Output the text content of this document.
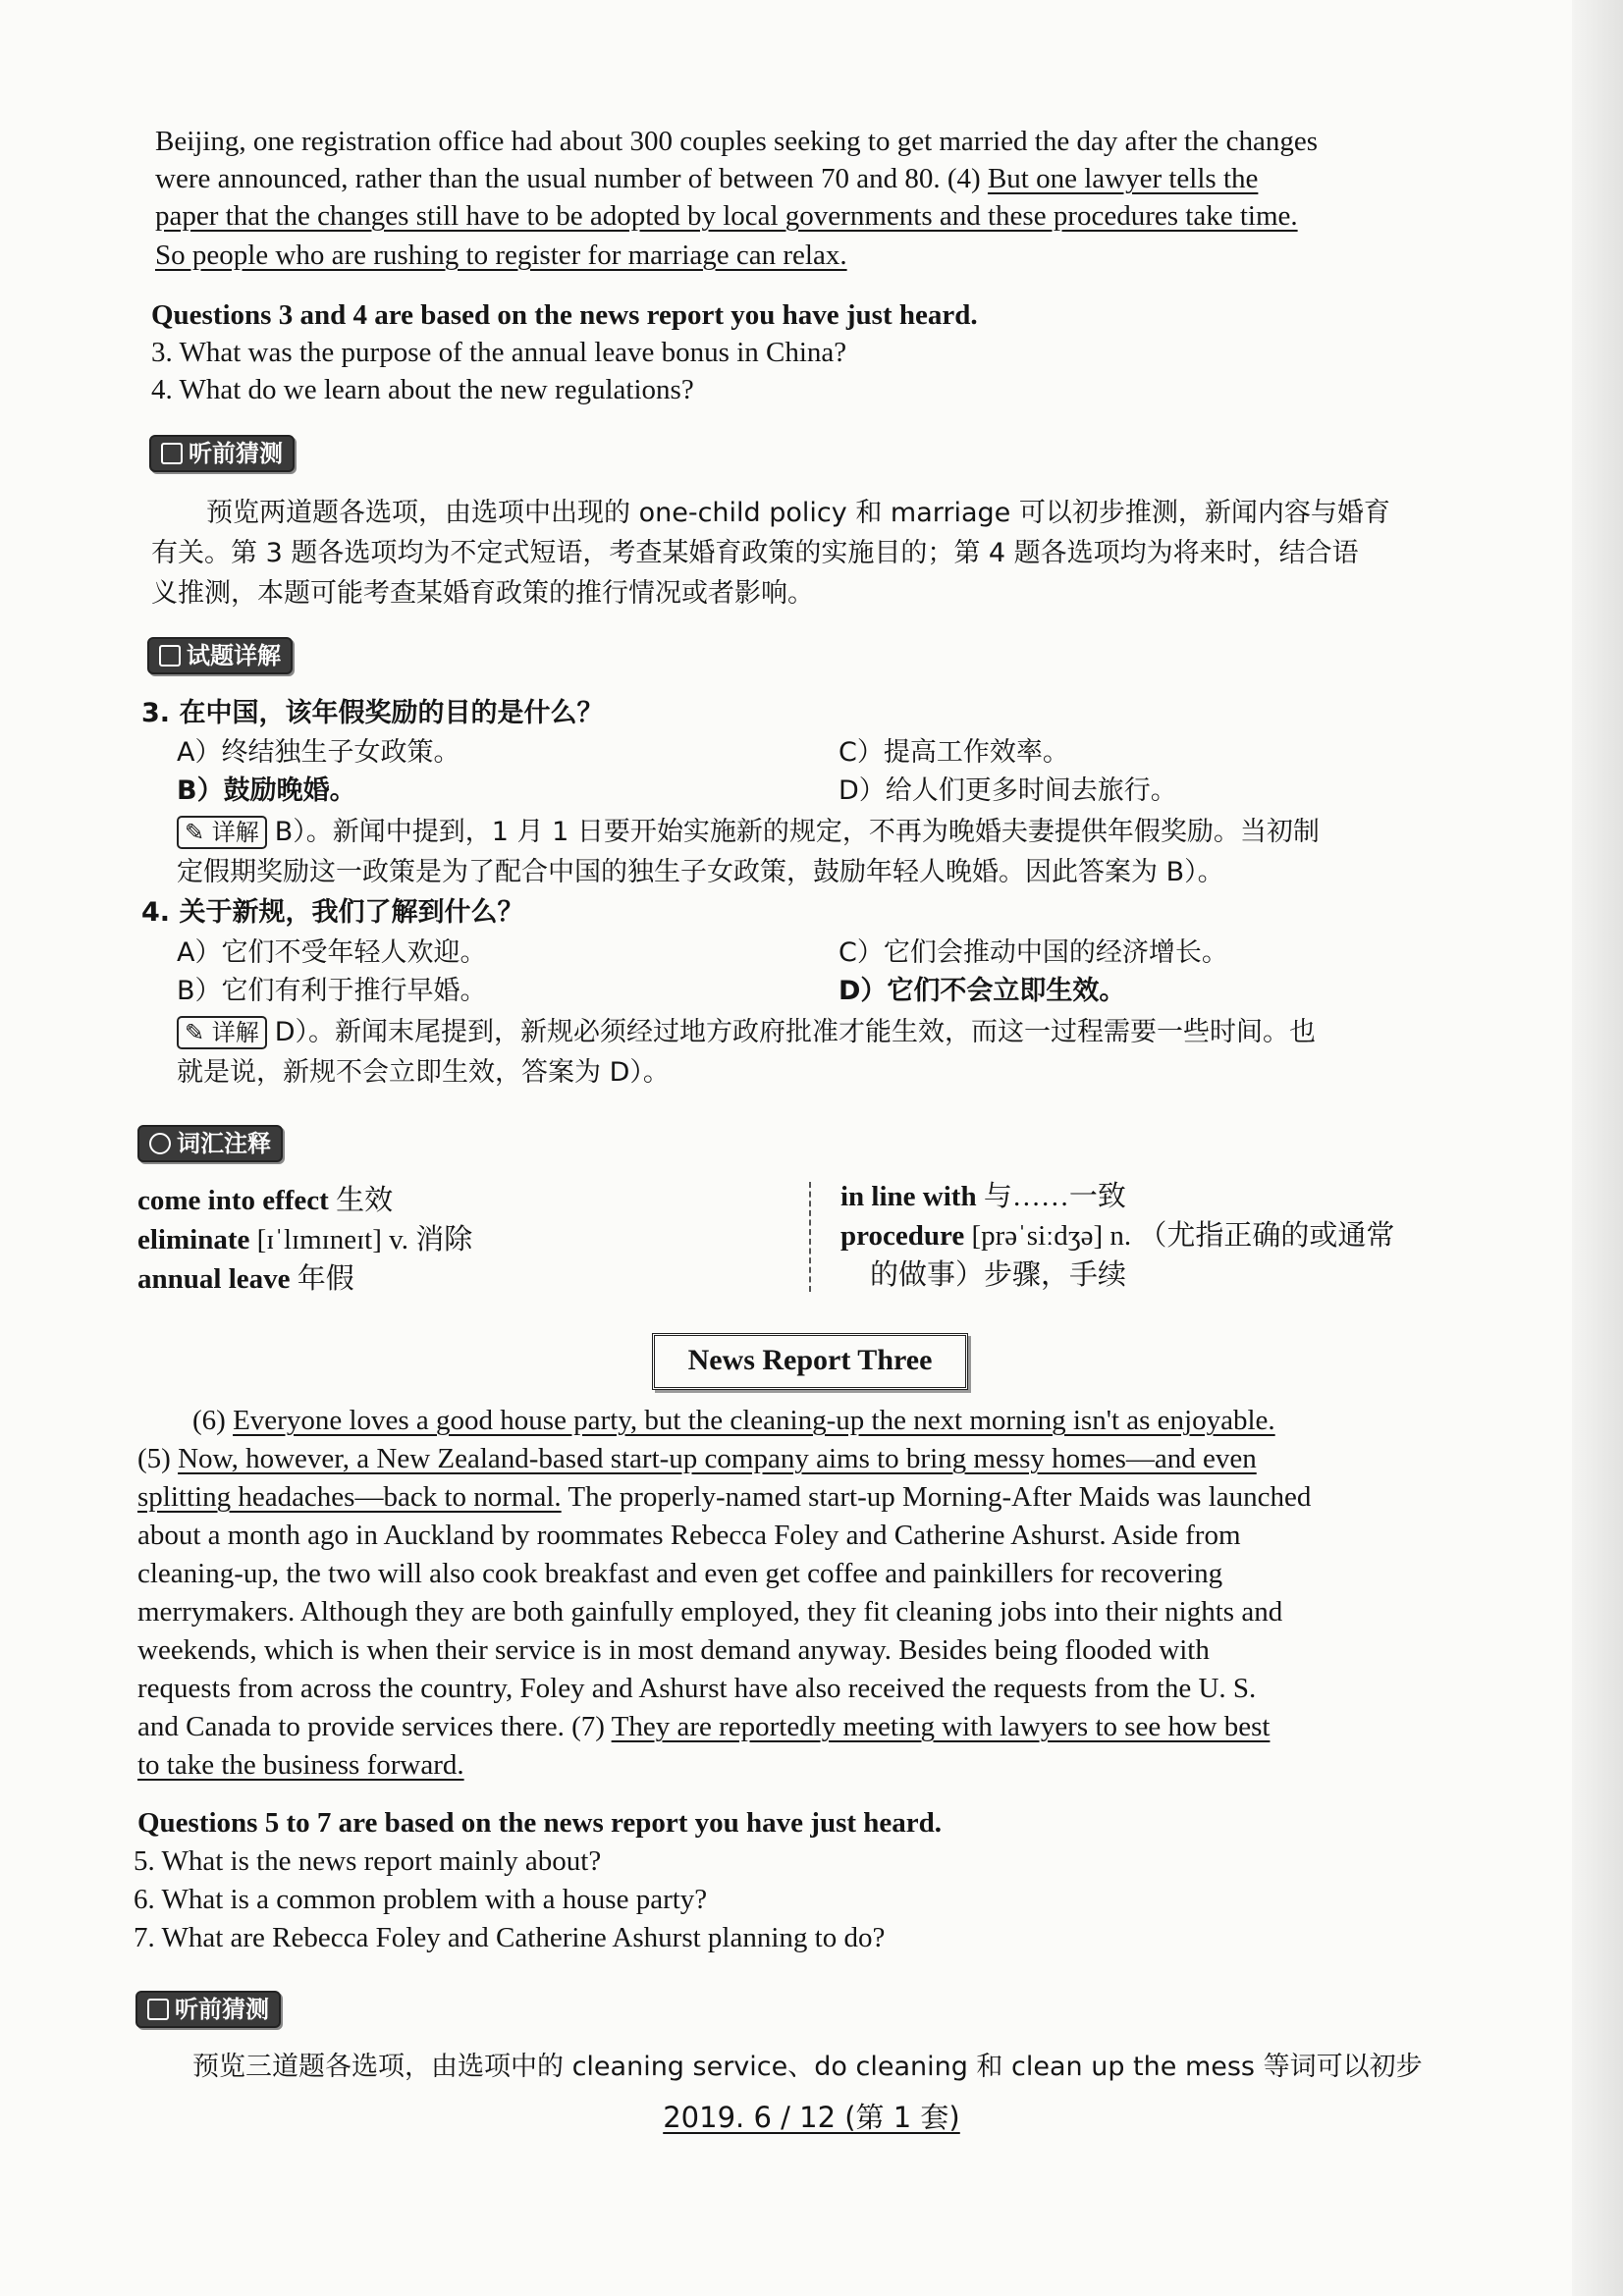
Beijing, one registration office had about 300 couples seeking to get married the day after the changes
were announced, rather than the usual number of between 70 and 80. (4) But one lawyer tells the
paper that the changes still have to be adopted by local governments and these procedures take time.
So people who are rushing to register for marriage can relax.
Questions 3 and 4 are based on the news report you have just heard.
3. What was the purpose of the annual leave bonus in China?
4. What do we learn about the new regulations?
听前猜测
预览两道题各选项，由选项中出现的 one-child policy 和 marriage 可以初步推测，新闻内容与婚育
有关。第 3 题各选项均为不定式短语，考查某婚育政策的实施目的；第 4 题各选项均为将来时，结合语
义推测，本题可能考查某婚育政策的推行情况或者影响。
试题详解
3. 在中国，该年假奖励的目的是什么？
A）终结独生子女政策。	C）提高工作效率。
B）鼓励晚婚。	D）给人们更多时间去旅行。
✎ 详解 B）。新闻中提到，1 月 1 日要开始实施新的规定，不再为晚婚夫妻提供年假奖励。当初制
定假期奖励这一政策是为了配合中国的独生子女政策，鼓励年轻人晚婚。因此答案为 B）。
4. 关于新规，我们了解到什么？
A）它们不受年轻人欢迎。	C）它们会推动中国的经济增长。
B）它们有利于推行早婚。	D）它们不会立即生效。
✎ 详解 D）。新闻末尾提到，新规必须经过地方政府批准才能生效，而这一过程需要一些时间。也
就是说，新规不会立即生效，答案为 D）。
词汇注释
come into effect 生效
eliminate [ɪˈlɪmɪneɪt] v. 消除
annual leave 年假
in line with 与……一致
procedure [prəˈsiːdʒə] n. （尤指正确的或通常
的做事）步骤，手续
News Report Three
(6) Everyone loves a good house party, but the cleaning-up the next morning isn't as enjoyable.
(5) Now, however, a New Zealand-based start-up company aims to bring messy homes—and even
splitting headaches—back to normal. The properly-named start-up Morning-After Maids was launched
about a month ago in Auckland by roommates Rebecca Foley and Catherine Ashurst. Aside from
cleaning-up, the two will also cook breakfast and even get coffee and painkillers for recovering
merrymakers. Although they are both gainfully employed, they fit cleaning jobs into their nights and
weekends, which is when their service is in most demand anyway. Besides being flooded with
requests from across the country, Foley and Ashurst have also received the requests from the U. S.
and Canada to provide services there. (7) They are reportedly meeting with lawyers to see how best
to take the business forward.
Questions 5 to 7 are based on the news report you have just heard.
5. What is the news report mainly about?
6. What is a common problem with a house party?
7. What are Rebecca Foley and Catherine Ashurst planning to do?
听前猜测
预览三道题各选项，由选项中的 cleaning service、do cleaning 和 clean up the mess 等词可以初步
2019. 6 / 12 (第 1 套)
